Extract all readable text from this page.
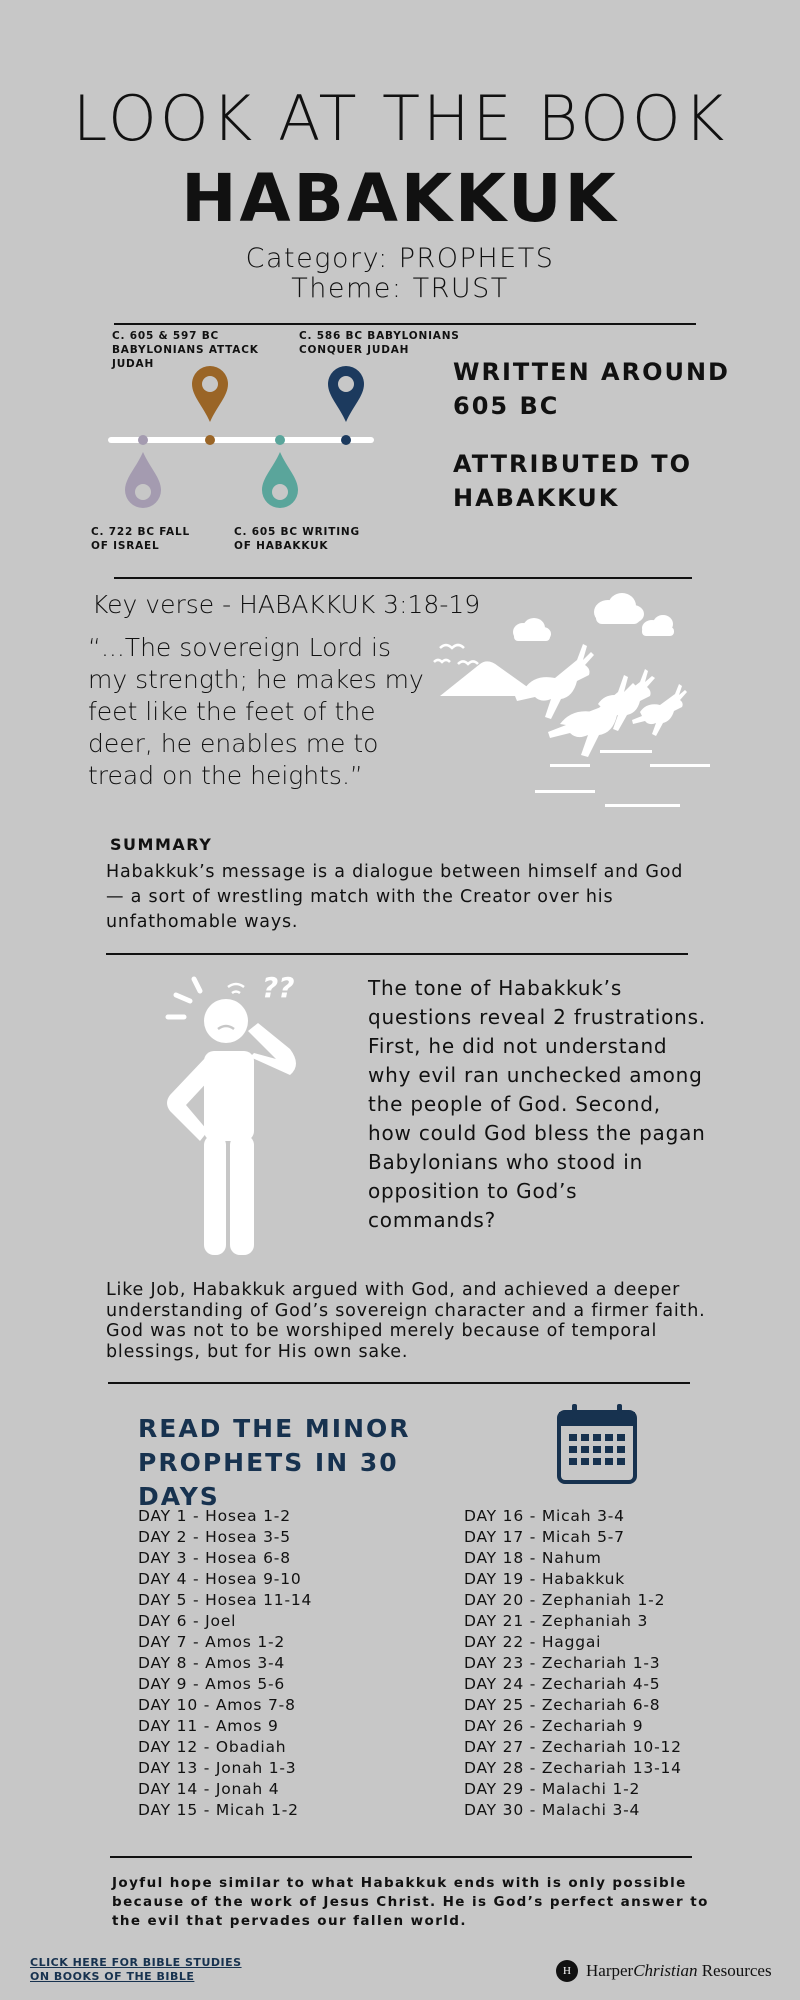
LOOK AT THE BOOK
HABAKKUK
Category: PROPHETS
Theme: TRUST
C. 605 & 597 BC
BABYLONIANS ATTACK
JUDAH
C. 586 BC BABYLONIANS
CONQUER JUDAH
C. 722 BC FALL
OF ISRAEL
C. 605 BC WRITING
OF HABAKKUK
WRITTEN AROUND
605 BC
ATTRIBUTED TO
HABAKKUK
Key verse - HABAKKUK 3:18-19
“...The sovereign Lord is my strength; he makes my feet like the feet of the deer, he enables me to tread on the heights.”
SUMMARY
Habakkuk’s message is a dialogue between himself and God — a sort of wrestling match with the Creator over his unfathomable ways.
??	The tone of Habakkuk’s questions reveal 2 frustrations. First, he did not understand why evil ran unchecked among the people of God. Second, how could God bless the pagan Babylonians who stood in opposition to God’s commands?
Like Job, Habakkuk argued with God, and achieved a deeper understanding of God’s sovereign character and a firmer faith. God was not to be worshiped merely because of temporal blessings, but for His own sake.
READ THE MINOR
PROPHETS IN 30 DAYS
DAY 1 - Hosea 1-2
DAY 2 - Hosea 3-5
DAY 3 - Hosea 6-8
DAY 4 - Hosea 9-10
DAY 5 - Hosea 11-14
DAY 6 - Joel
DAY 7 - Amos 1-2
DAY 8 - Amos 3-4
DAY 9 - Amos 5-6
DAY 10 - Amos 7-8
DAY 11 - Amos 9
DAY 12 - Obadiah
DAY 13 - Jonah 1-3
DAY 14 - Jonah 4
DAY 15 - Micah 1-2
DAY 16 - Micah 3-4
DAY 17 - Micah 5-7
DAY 18 - Nahum
DAY 19 - Habakkuk
DAY 20 - Zephaniah 1-2
DAY 21 - Zephaniah 3
DAY 22 - Haggai
DAY 23 - Zechariah 1-3
DAY 24 - Zechariah 4-5
DAY 25 - Zechariah 6-8
DAY 26 - Zechariah 9
DAY 27 - Zechariah 10-12
DAY 28 - Zechariah 13-14
DAY 29 - Malachi 1-2
DAY 30 - Malachi 3-4
Joyful hope similar to what Habakkuk ends with is only possible because of the work of Jesus Christ. He is God’s perfect answer to the evil that pervades our fallen world.
CLICK HERE FOR BIBLE STUDIES
ON BOOKS OF THE BIBLE	H Harper Christian Resources
